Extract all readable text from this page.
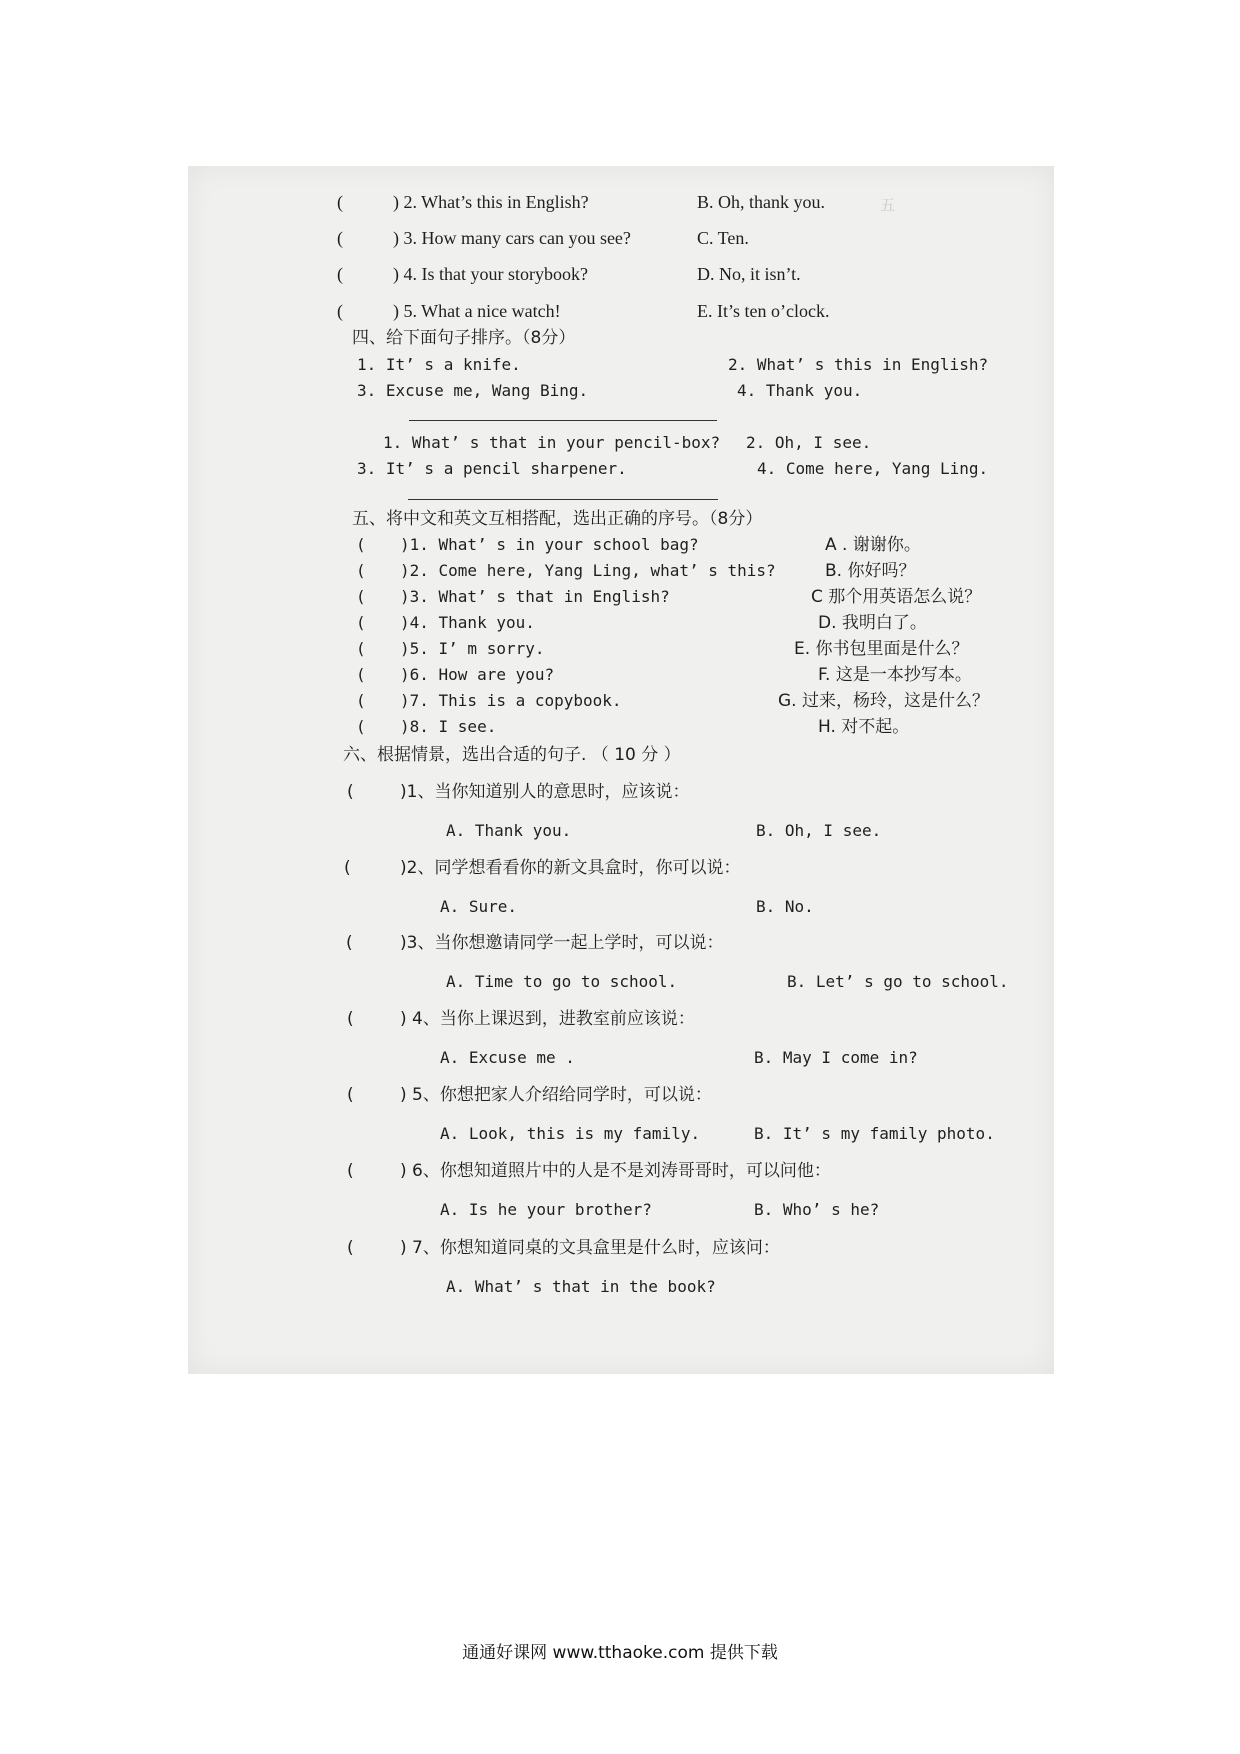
五

(	) 2. What’s this in English?	B. Oh, thank you.
(	) 3. How many cars can you see?	C. Ten.
(	) 4. Is that your storybook?	D. No, it isn’t.
(	) 5. What a nice watch!	E. It’s ten o’clock.
四、给下面句子排序。（8分）
1. It’ s a knife.	2. What’ s this in English?
3. Excuse me, Wang Bing.	4. Thank you.
1. What’ s that in your pencil-box? 2. Oh, I see.
3. It’ s a pencil sharpener.	4. Come here, Yang Ling.
五、将中文和英文互相搭配，选出正确的序号。（8分）
( )1. What’ s in your school bag?	A . 谢谢你。
( )2. Come here, Yang Ling, what’ s this?	B. 你好吗？
( )3. What’ s that in English?	C 那个用英语怎么说？
( )4. Thank you.	D. 我明白了。
( )5. I’ m sorry.	E. 你书包里面是什么？
( )6. How are you?	F. 这是一本抄写本。
( )7. This is a copybook.	G. 过来，杨玲，这是什么？
( )8. I see.	H. 对不起。
六、根据情景，选出合适的句子. （ 10 分 ）
(	)1、当你知道别人的意思时，应该说：
A. Thank you.	B. Oh, I see.
(	)2、同学想看看你的新文具盒时，你可以说：
A. Sure.	B. No.
(	)3、当你想邀请同学一起上学时，可以说：
A. Time to go to school.	B. Let’ s go to school.
(	) 4、当你上课迟到，进教室前应该说：
A. Excuse me .	B. May I come in?
(	) 5、你想把家人介绍给同学时，可以说：
A. Look, this is my family.	B. It’ s my family photo.
(	) 6、你想知道照片中的人是不是刘涛哥哥时，可以问他：
A. Is he your brother?	B. Who’ s he?
(	) 7、你想知道同桌的文具盒里是什么时，应该问：
A. What’ s that in the book?
通通好课网 www.tthaoke.com 提供下载
